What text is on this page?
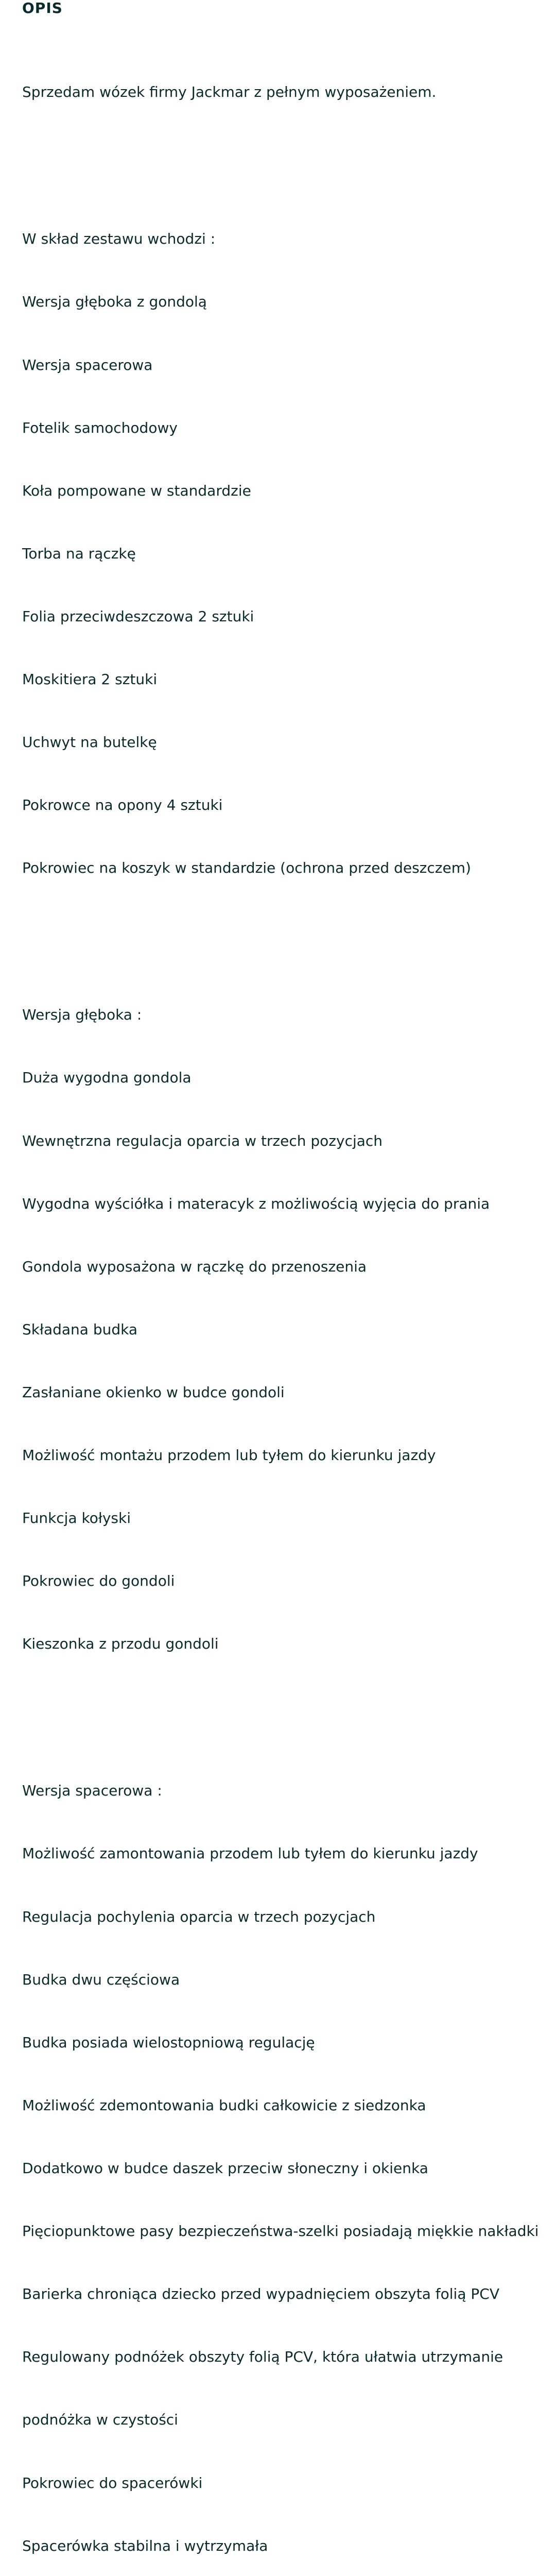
OPIS

Sprzedam wózek firmy Jackmar z pełnym wyposażeniem.

W skład zestawu wchodzi :

Wersja głęboka z gondolą

Wersja spacerowa

Fotelik samochodowy

Koła pompowane w standardzie

Torba na rączkę

Folia przeciwdeszczowa 2 sztuki

Moskitiera 2 sztuki

Uchwyt na butelkę

Pokrowce na opony 4 sztuki

Pokrowiec na koszyk w standardzie (ochrona przed deszczem)

Wersja głęboka :

Duża wygodna gondola

Wewnętrzna regulacja oparcia w trzech pozycjach

Wygodna wyściółka i materacyk z możliwością wyjęcia do prania

Gondola wyposażona w rączkę do przenoszenia

Składana budka

Zasłaniane okienko w budce gondoli

Możliwość montażu przodem lub tyłem do kierunku jazdy

Funkcja kołyski

Pokrowiec do gondoli

Kieszonka z przodu gondoli

Wersja spacerowa :

Możliwość zamontowania przodem lub tyłem do kierunku jazdy

Regulacja pochylenia oparcia w trzech pozycjach

Budka dwu częściowa

Budka posiada wielostopniową regulację

Możliwość zdemontowania budki całkowicie z siedzonka

Dodatkowo w budce daszek przeciw słoneczny i okienka

Pięciopunktowe pasy bezpieczeństwa-szelki posiadają miękkie nakładki

Barierka chroniąca dziecko przed wypadnięciem obszyta folią PCV

Regulowany podnóżek obszyty folią PCV, która ułatwia utrzymanie

podnóżka w czystości

Pokrowiec do spacerówki

Spacerówka stabilna i wytrzymała
